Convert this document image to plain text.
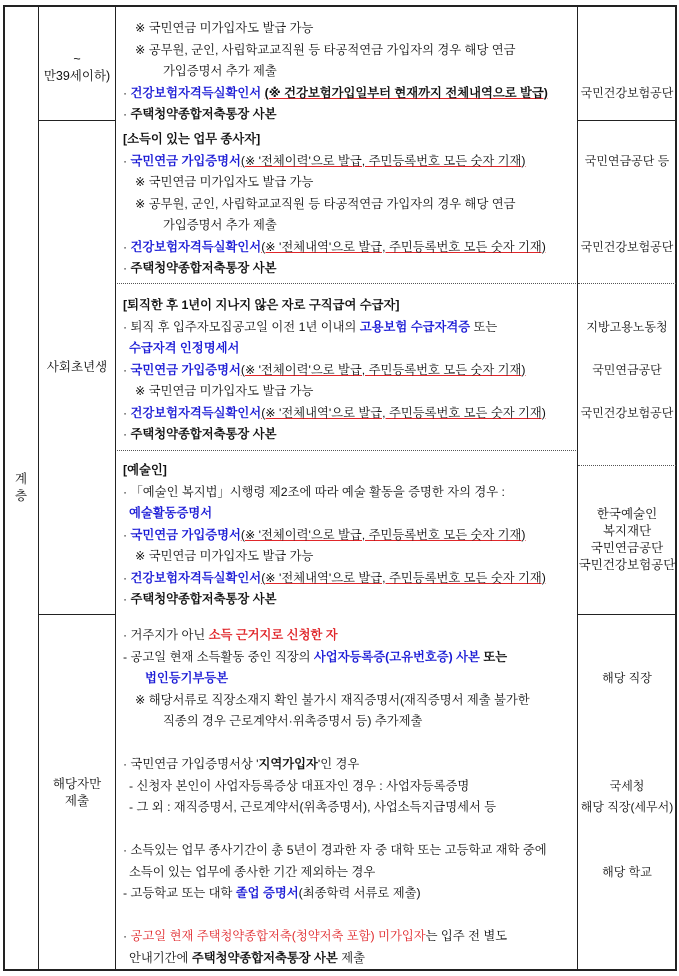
계
층
~
만39세이하)
※ 국민연금 미가입자도 발급 가능
※ 공무원, 군인, 사립학교교직원 등 타공적연금 가입자의 경우 해당 연금
가입증명서 추가 제출
· 건강보험자격득실확인서 (※ 건강보험가입일부터 현재까지 전체내역으로 발급)
· 주택청약종합저축통장 사본

국민건강보험공단

사회초년생
[소득이 있는 업무 종사자]
· 국민연금 가입증명서(※ '전체이력'으로 발급, 주민등록번호 모든 숫자 기재)
※ 국민연금 미가입자도 발급 가능
※ 공무원, 군인, 사립학교교직원 등 타공적연금 가입자의 경우 해당 연금
가입증명서 추가 제출
· 건강보험자격득실확인서(※ '전체내역'으로 발급, 주민등록번호 모든 숫자 기재)
· 주택청약종합저축통장 사본

국민연금공단 등

국민건강보험공단

[퇴직한 후 1년이 지나지 않은 자로 구직급여 수급자]
· 퇴직 후 입주자모집공고일 이전 1년 이내의 고용보험 수급자격증 또는
수급자격 인정명세서
· 국민연금 가입증명서(※ '전체이력'으로 발급, 주민등록번호 모든 숫자 기재)
※ 국민연금 미가입자도 발급 가능
· 건강보험자격득실확인서(※ '전체내역'으로 발급, 주민등록번호 모든 숫자 기재)
· 주택청약종합저축통장 사본

지방고용노동청

국민연금공단

국민건강보험공단

[예술인]
· 「예술인 복지법」시행령 제2조에 따라 예술 활동을 증명한 자의 경우 :
예술활동증명서
· 국민연금 가입증명서(※ '전체이력'으로 발급, 주민등록번호 모든 숫자 기재)
※ 국민연금 미가입자도 발급 가능
· 건강보험자격득실확인서(※ '전체내역'으로 발급, 주민등록번호 모든 숫자 기재)
· 주택청약종합저축통장 사본
한국예술인
복지재단
국민연금공단
국민건강보험공단
해당자만
제출
· 거주지가 아닌 소득 근거지로 신청한 자
- 공고일 현재 소득활동 중인 직장의 사업자등록증(고유번호증) 사본 또는
법인등기부등본
※ 해당서류로 직장소재지 확인 불가시 재직증명서(재직증명서 제출 불가한
직종의 경우 근로계약서·위촉증명서 등) 추가제출

· 국민연금 가입증명서상 '지역가입자'인 경우
- 신청자 본인이 사업자등록증상 대표자인 경우 : 사업자등록증명
- 그 외 : 재직증명서, 근로계약서(위촉증명서), 사업소득지급명세서 등

· 소득있는 업무 종사기간이 총 5년이 경과한 자 중 대학 또는 고등학교 재학 중에
소득이 있는 업무에 종사한 기간 제외하는 경우
- 고등학교 또는 대학 졸업 증명서(최종학력 서류로 제출)

· 공고일 현재 주택청약종합저축(청약저축 포함) 미가입자는 입주 전 별도
안내기간에 주택청약종합저축통장 사본 제출

해당 직장

국세청
해당 직장(세무서)

해당 학교
